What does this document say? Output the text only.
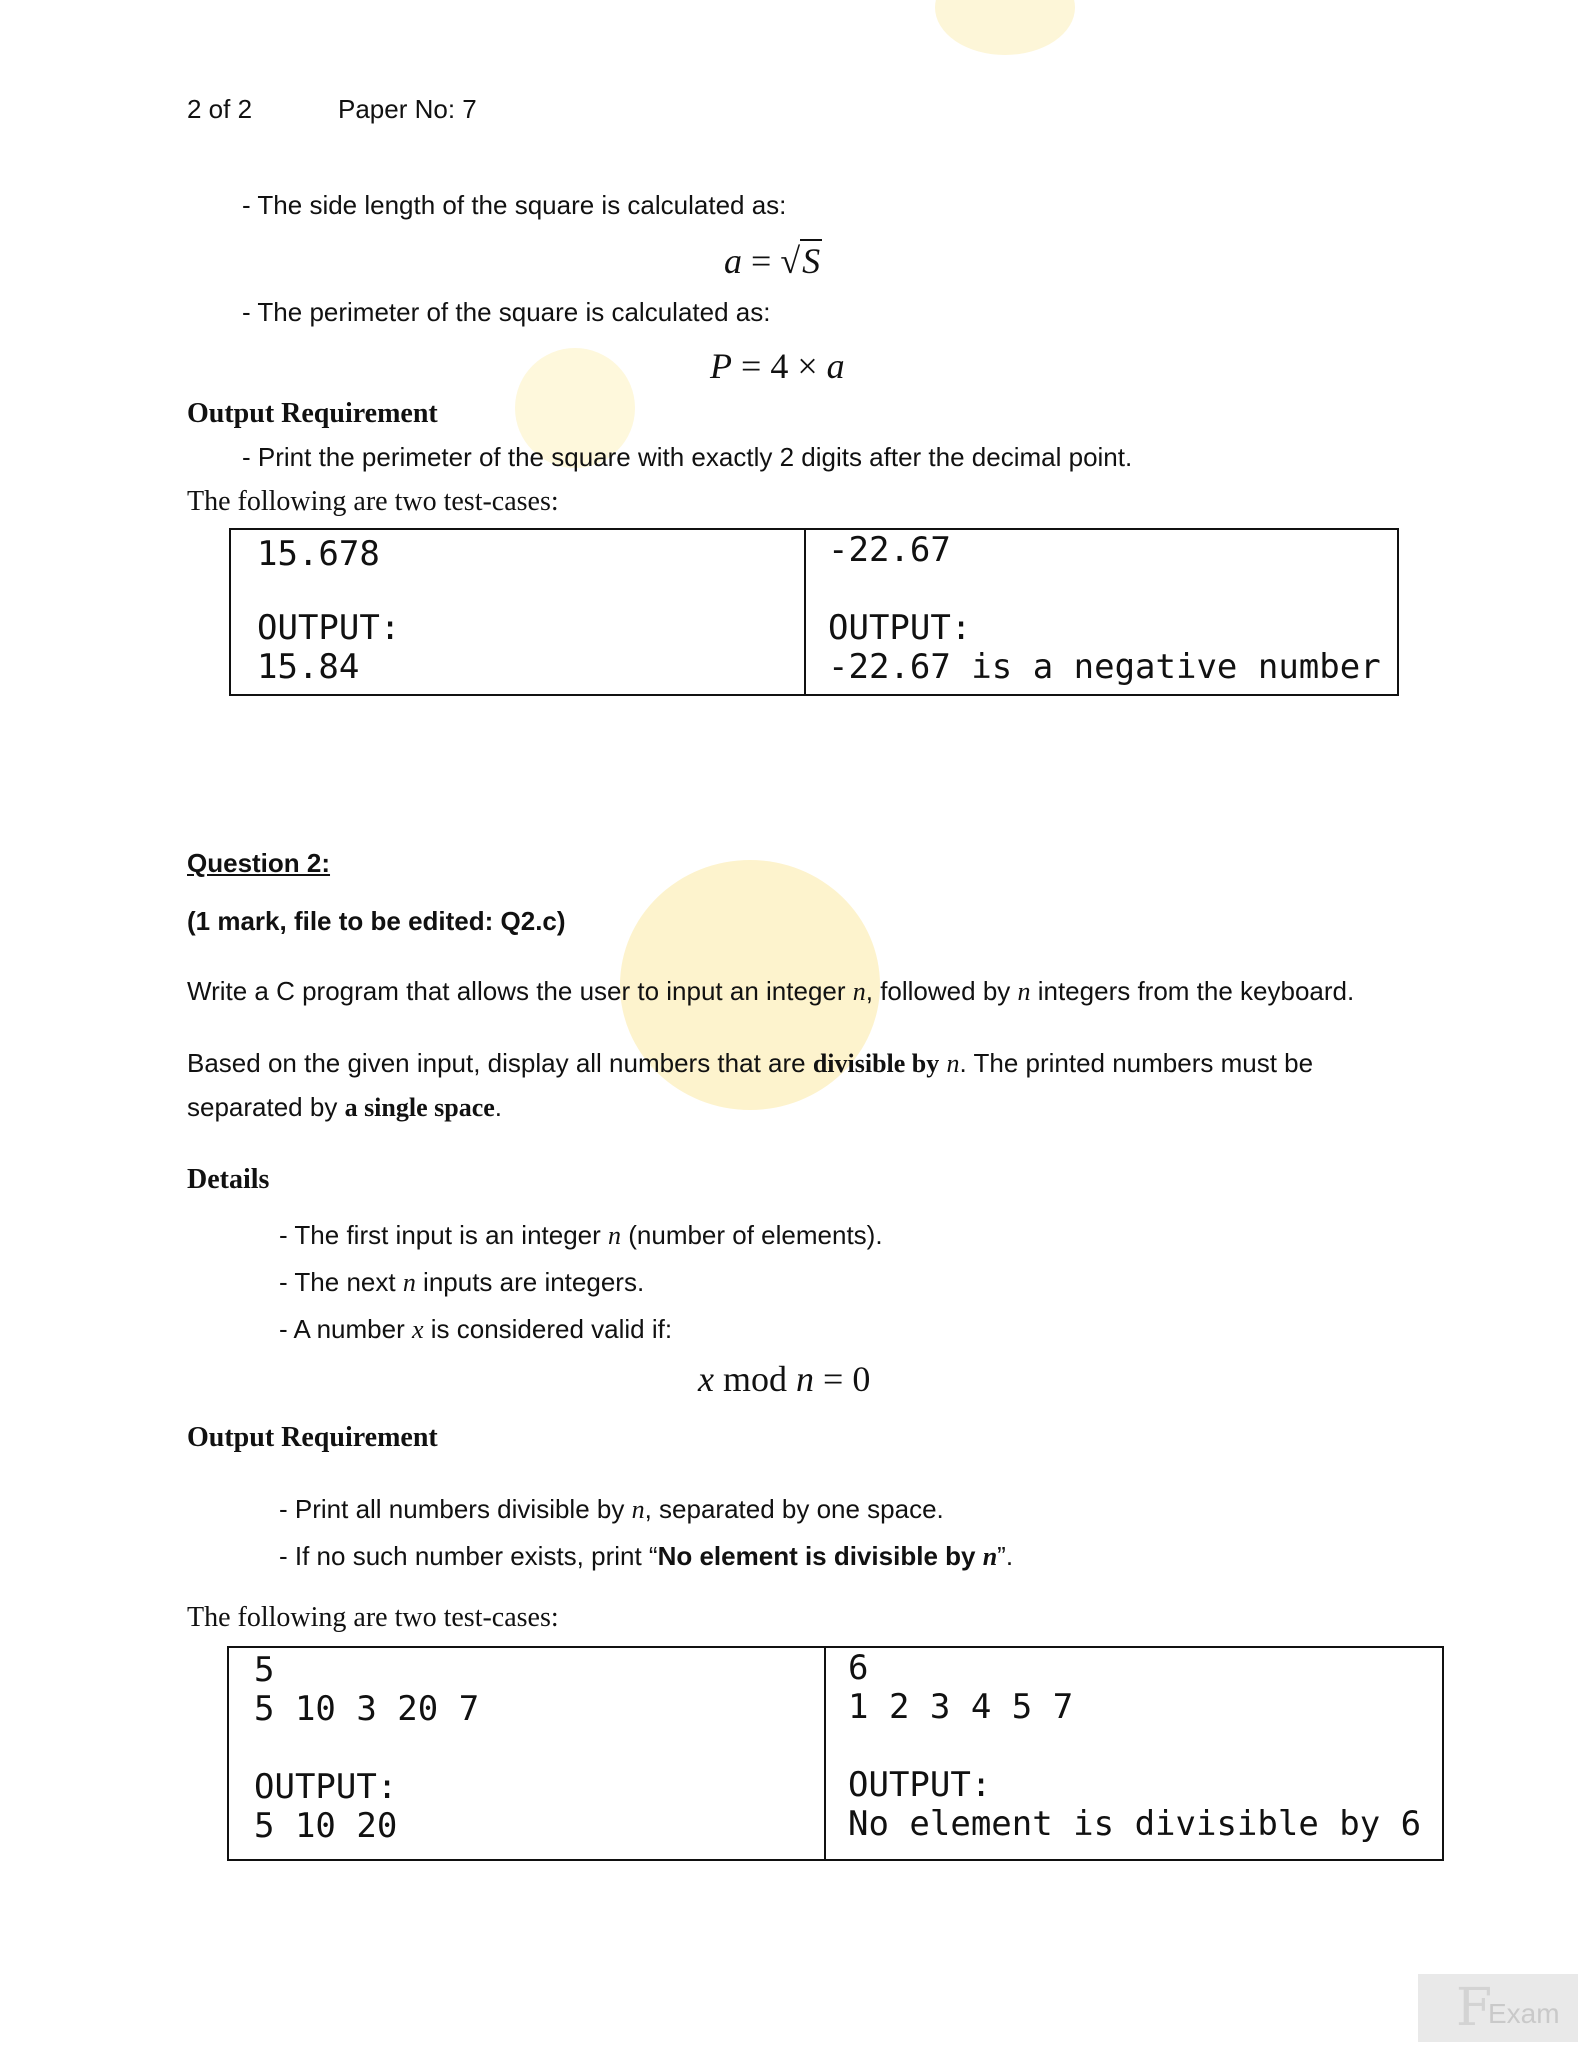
2 of 2	Paper No: 7
- The side length of the square is calculated as:
a = √S
- The perimeter of the square is calculated as:
P = 4 × a
Output Requirement
- Print the perimeter of the square with exactly 2 digits after the decimal point.
The following are two test-cases:
15.678
OUTPUT:
15.84
-22.67
OUTPUT:
-22.67 is a negative number
Question 2:
(1 mark, file to be edited: Q2.c)
Write a C program that allows the user to input an integer n, followed by n integers from the keyboard.
Based on the given input, display all numbers that are divisible by n. The printed numbers must be
separated by a single space.
Details
- The first input is an integer n (number of elements).
- The next n inputs are integers.
- A number x is considered valid if:
x mod n = 0
Output Requirement
- Print all numbers divisible by n, separated by one space.
- If no such number exists, print “No element is divisible by n”.
The following are two test-cases:
5
5 10 3 20 7
OUTPUT:
5 10 20
6
1 2 3 4 5 7
OUTPUT:
No element is divisible by 6
F
Exam
